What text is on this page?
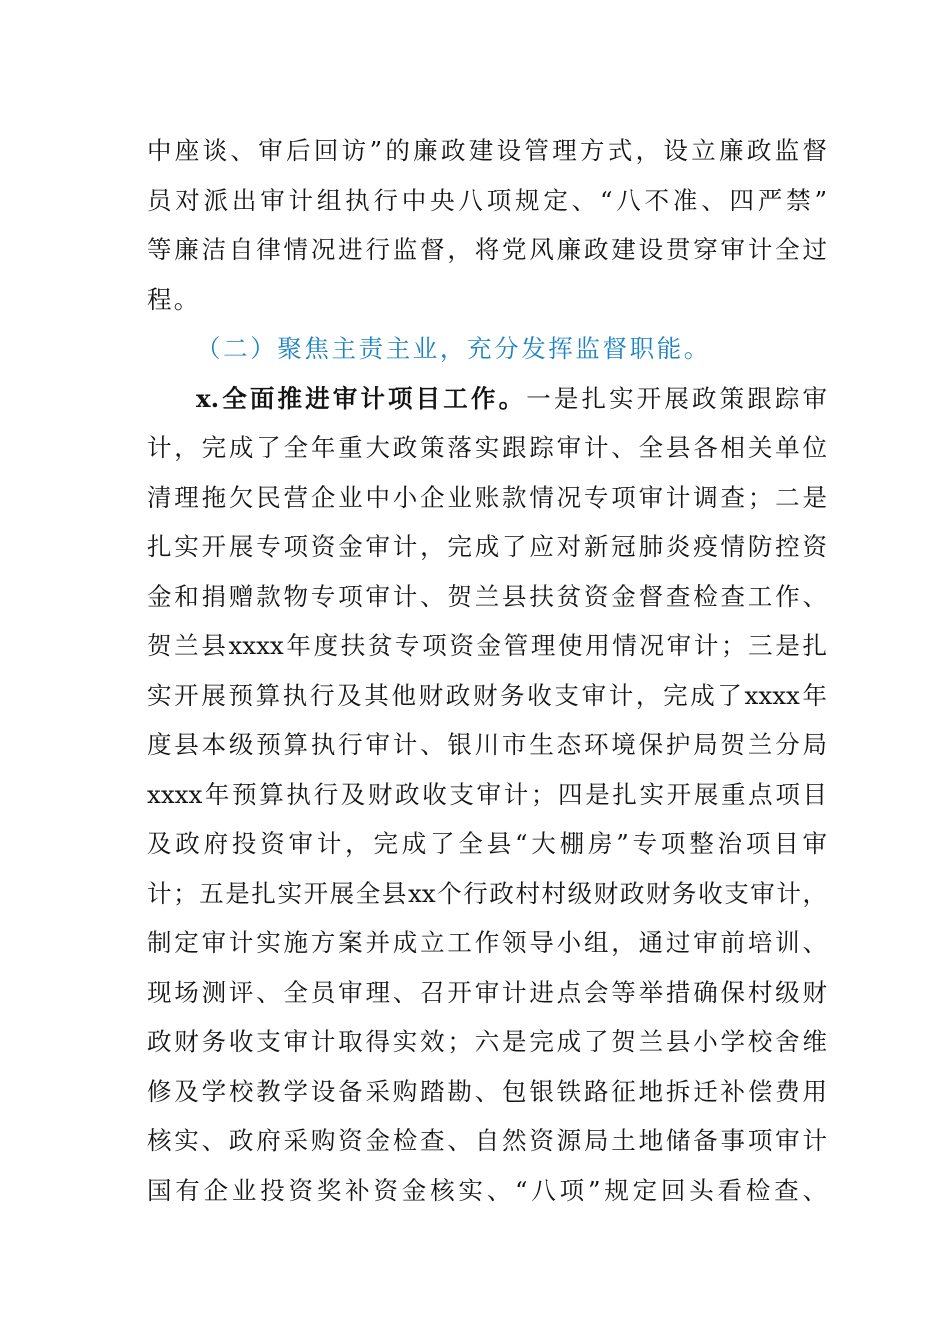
中座谈、审后回访”的廉政建设管理方式，设立廉政监督
员对派出审计组执行中央八项规定、“八不准、四严禁”
等廉洁自律情况进行监督，将党风廉政建设贯穿审计全过
程。
（二）聚焦主责主业，充分发挥监督职能。
x.全面推进审计项目工作。一是扎实开展政策跟踪审
计，完成了全年重大政策落实跟踪审计、全县各相关单位
清理拖欠民营企业中小企业账款情况专项审计调查；二是
扎实开展专项资金审计，完成了应对新冠肺炎疫情防控资
金和捐赠款物专项审计、贺兰县扶贫资金督查检查工作、
贺兰县xxxx年度扶贫专项资金管理使用情况审计；三是扎
实开展预算执行及其他财政财务收支审计，完成了xxxx年
度县本级预算执行审计、银川市生态环境保护局贺兰分局
xxxx年预算执行及财政收支审计；四是扎实开展重点项目
及政府投资审计，完成了全县“大棚房”专项整治项目审
计；五是扎实开展全县xx个行政村村级财政财务收支审计，
制定审计实施方案并成立工作领导小组，通过审前培训、
现场测评、全员审理、召开审计进点会等举措确保村级财
政财务收支审计取得实效；六是完成了贺兰县小学校舍维
修及学校教学设备采购踏勘、包银铁路征地拆迁补偿费用
核实、政府采购资金检查、自然资源局土地储备事项审计
国有企业投资奖补资金核实、“八项”规定回头看检查、
